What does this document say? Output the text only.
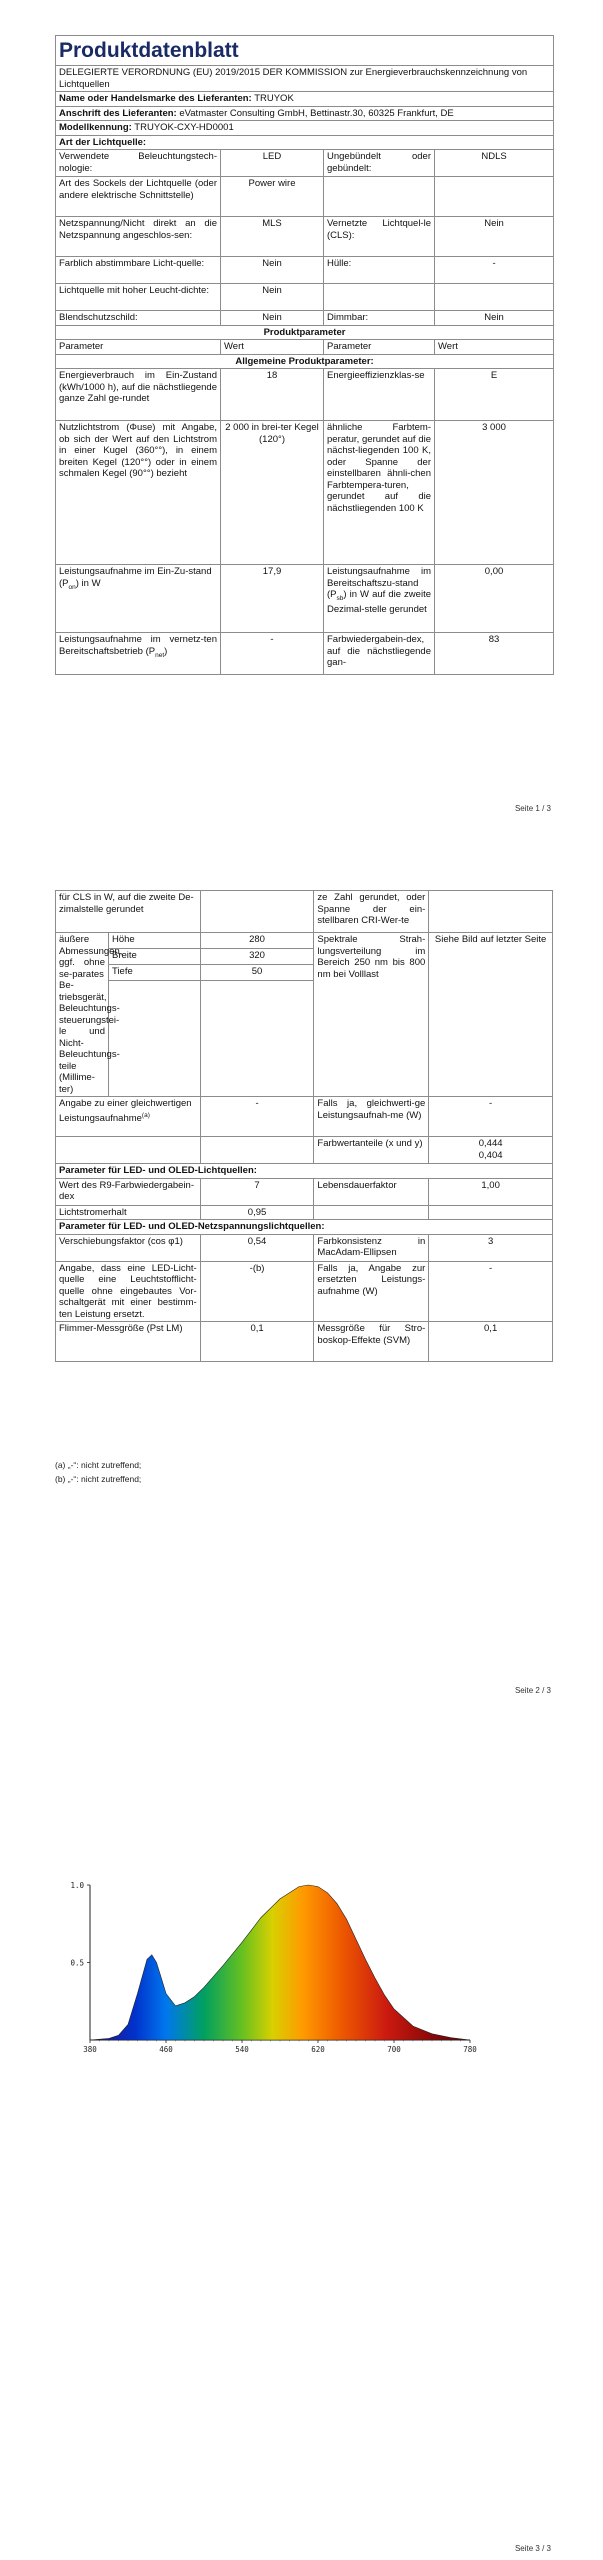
Produktdatenblatt			
DELEGIERTE VERORDNUNG (EU) 2019/2015 DER KOMMISSION zur Energieverbrauchskennzeichnung von Lichtquellen			
Name oder Handelsmarke des Lieferanten: TRUYOK			
Anschrift des Lieferanten: eVatmaster Consulting GmbH, Bettinastr.30, 60325 Frankfurt, DE			
Modellkennung: TRUYOK-CXY-HD0001			
Art der Lichtquelle:			
Verwendete Beleuchtungstech-nologie:	LED	Ungebündelt oder gebündelt:	NDLS
Art des Sockels der Lichtquelle (oder andere elektrische Schnittstelle)	Power wire		
Netzspannung/Nicht direkt an die Netzspannung angeschlos-sen:	MLS	Vernetzte Lichtquel-le (CLS):	Nein
Farblich abstimmbare Licht-quelle:	Nein	Hülle:	-
Lichtquelle mit hoher Leucht-dichte:	Nein		
Blendschutzschild:	Nein	Dimmbar:	Nein
Produktparameter			
Parameter	Wert	Parameter	Wert
Allgemeine Produktparameter:			
Energieverbrauch im Ein-Zustand (kWh/1000 h), auf die nächstliegende ganze Zahl ge-rundet	18	Energieeffizienzklas-se	E
Nutzlichtstrom (Φuse) mit Angabe, ob sich der Wert auf den Lichtstrom in einer Kugel (360°°), in einem breiten Kegel (120°°) oder in einem schmalen Kegel (90°°) bezieht	2 000 in brei-ter Kegel (120°)	ähnliche Farbtem-peratur, gerundet auf die nächst-liegenden 100 K, oder Spanne der einstellbaren ähnli-chen Farbtempera-turen, gerundet auf die nächstliegenden 100 K	3 000
Leistungsaufnahme im Ein-Zu-stand $(P_{on})$ in W	17,9	Leistungsaufnahme im Bereitschaftszu-stand $(P_{sb})$ in W auf die zweite Dezimal-stelle gerundet	0,00
Leistungsaufnahme im vernetz-ten Bereitschaftsbetrieb $(P_{net})$	-	Farbwiedergabein-dex, auf die nächstliegende gan-	83
Seite 1 / 3
für CLS in W, auf die zweite De-zimalstelle gerundet			ze Zahl gerundet, oder Spanne der ein-stellbaren CRI-Wer-te	
äußere Abmessungen, ggf. ohne se-parates Be-triebsgerät, Beleuchtungs-steuerungstei-le und Nicht-Beleuchtungs-teile (Millime-ter)	Höhe	280	Spektrale Strah-lungsverteilung im Bereich 250 nm bis 800 nm bei Volllast	Siehe Bild auf letzter Seite
	Breite	320		
	Tiefe	50		

Angabe zu einer gleichwertigen Leistungsaufnahme$^{(a)}$		-	Falls ja, gleichwerti-ge Leistungsaufnah-me (W)	-
			Farbwertanteile (x und y)	0,444
0,404
Parameter für LED- und OLED-Lichtquellen:				
Wert des R9-Farbwiedergabein-dex		7	Lebensdauerfaktor	1,00
Lichtstromerhalt		0,95		
Parameter für LED- und OLED-Netzspannungslichtquellen:				
Verschiebungsfaktor (cos φ1)		0,54	Farbkonsistenz in MacAdam-Ellipsen	3
Angabe, dass eine LED-Licht-quelle eine Leuchtstofflicht-quelle ohne eingebautes Vor-schaltgerät mit einer bestimm-ten Leistung ersetzt.		-(b)	Falls ja, Angabe zur ersetzten Leistungs-aufnahme (W)	-
Flimmer-Messgröße (Pst LM)		0,1	Messgröße für Stro-boskop-Effekte (SVM)	0,1
(a) „-“: nicht zutreffend;
(b) „-“: nicht zutreffend;
Seite 2 / 3
Seite 3 / 3
380	460	540	620	700	780
0.5
1.0
